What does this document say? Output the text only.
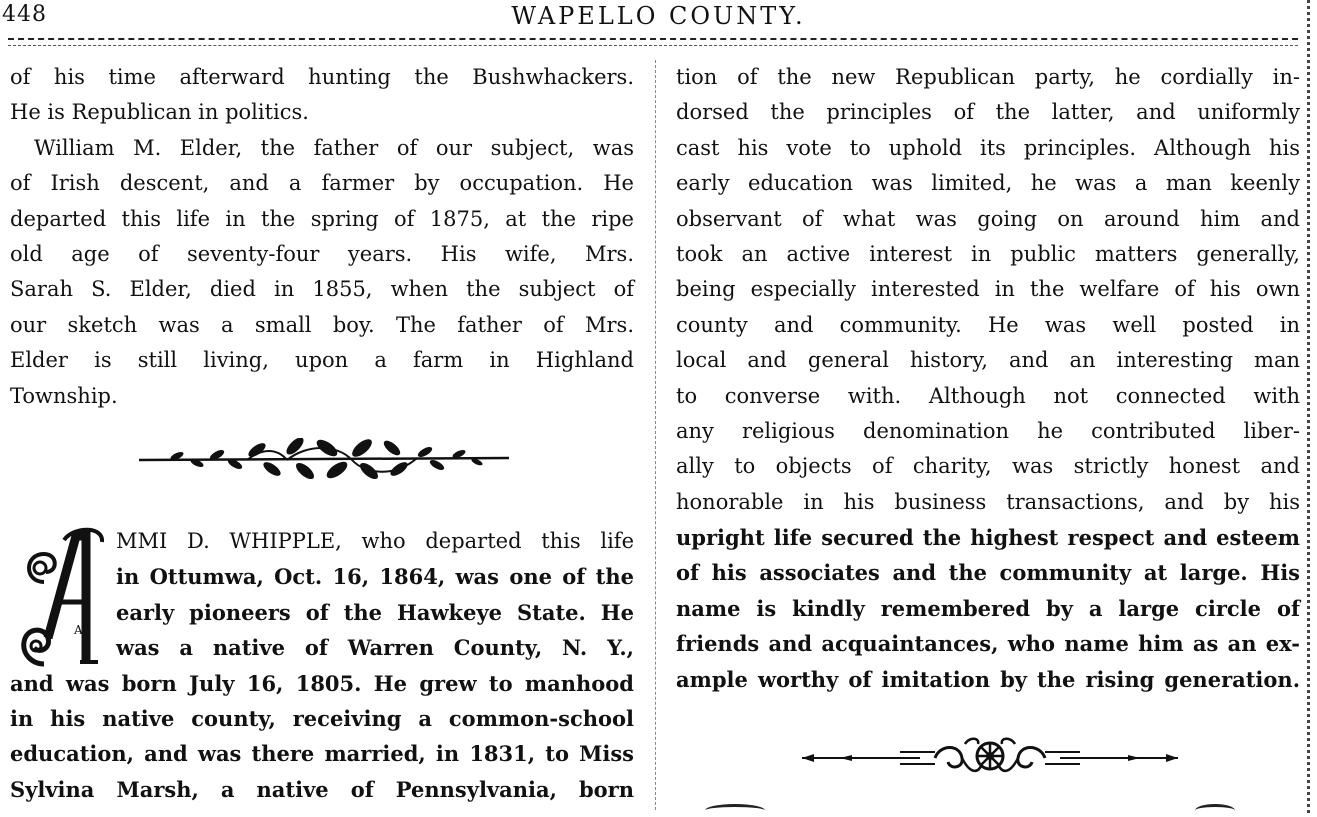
448	WAPELLO COUNTY.
of his time afterward hunting the Bushwhackers.
He is Republican in politics.
William M. Elder, the father of our subject, was
of Irish descent, and a farmer by occupation. He
departed this life in the spring of 1875, at the ripe
old age of seventy-four years. His wife, Mrs.
Sarah S. Elder, died in 1855, when the subject of
our sketch was a small boy. The father of Mrs.
Elder is still living, upon a farm in Highland
Township.
A
MMI D. WHIPPLE, who departed this life
in Ottumwa, Oct. 16, 1864, was one of the
early pioneers of the Hawkeye State. He
was a native of Warren County, N. Y.,
and was born July 16, 1805. He grew to manhood
in his native county, receiving a common-school
education, and was there married, in 1831, to Miss
Sylvina Marsh, a native of Pennsylvania, born
tion of the new Republican party, he cordially in-
dorsed the principles of the latter, and uniformly
cast his vote to uphold its principles. Although his
early education was limited, he was a man keenly
observant of what was going on around him and
took an active interest in public matters generally,
being especially interested in the welfare of his own
county and community. He was well posted in
local and general history, and an interesting man
to converse with. Although not connected with
any religious denomination he contributed liber-
ally to objects of charity, was strictly honest and
honorable in his business transactions, and by his
upright life secured the highest respect and esteem
of his associates and the community at large. His
name is kindly remembered by a large circle of
friends and acquaintances, who name him as an ex-
ample worthy of imitation by the rising generation.
